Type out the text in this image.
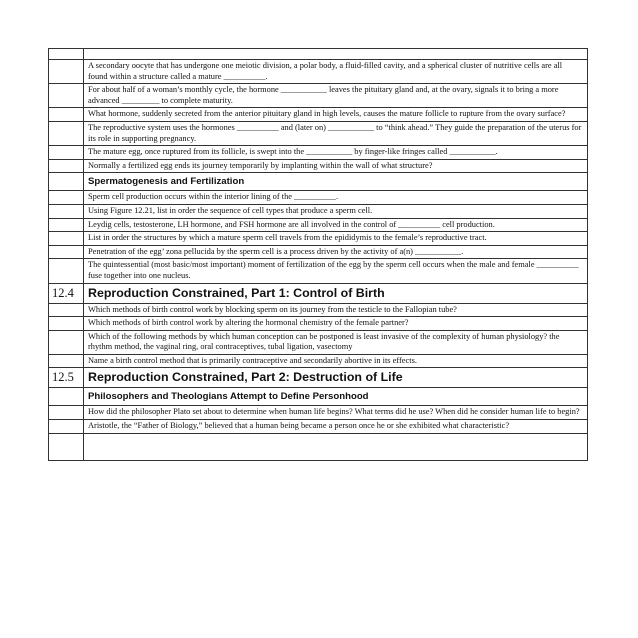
	A secondary oocyte that has undergone one meiotic division, a polar body, a fluid-filled cavity, and a spherical cluster of nutritive cells are all found within a structure called a mature __________.
	For about half of a woman’s monthly cycle, the hormone ___________ leaves the pituitary gland and, at the ovary, signals it to bring a more advanced _________ to complete maturity.
	What hormone, suddenly secreted from the anterior pituitary gland in high levels, causes the mature follicle to rupture from the ovary surface?
	The reproductive system uses the hormones __________ and (later on) ___________ to “think ahead.” They guide the preparation of the uterus for its role in supporting pregnancy.
	The mature egg, once ruptured from its follicle, is swept into the ___________ by finger-like fringes called ___________.
	Normally a fertilized egg ends its journey temporarily by implanting within the wall of what structure?
	Spermatogenesis and Fertilization
	Sperm cell production occurs within the interior lining of the __________.
	Using Figure 12.21, list in order the sequence of cell types that produce a sperm cell.
	Leydig cells, testosterone, LH hormone, and FSH hormone are all involved in the control of __________ cell production.
	List in order the structures by which a mature sperm cell travels from the epididymis to the female’s reproductive tract.
	Penetration of the egg’ zona pellucida by the sperm cell is a process driven by the activity of a(n) ___________.
	The quintessential (most basic/most important) moment of fertilization of the egg by the sperm cell occurs when the male and female __________ fuse together into one nucleus.
12.4	Reproduction Constrained, Part 1: Control of Birth
	Which methods of birth control work by blocking sperm on its journey from the testicle to the Fallopian tube?
	Which methods of birth control work by altering the hormonal chemistry of the female partner?
	Which of the following methods by which human conception can be postponed is least invasive of the complexity of human physiology? the rhythm method, the vaginal ring, oral contraceptives, tubal ligation, vasectomy
	Name a birth control method that is primarily contraceptive and secondarily abortive in its effects.
12.5	Reproduction Constrained, Part 2: Destruction of Life
	Philosophers and Theologians Attempt to Define Personhood
	How did the philosopher Plato set about to determine when human life begins? What terms did he use? When did he consider human life to begin?
	Aristotle, the “Father of Biology,” believed that a human being became a person once he or she exhibited what characteristic?
